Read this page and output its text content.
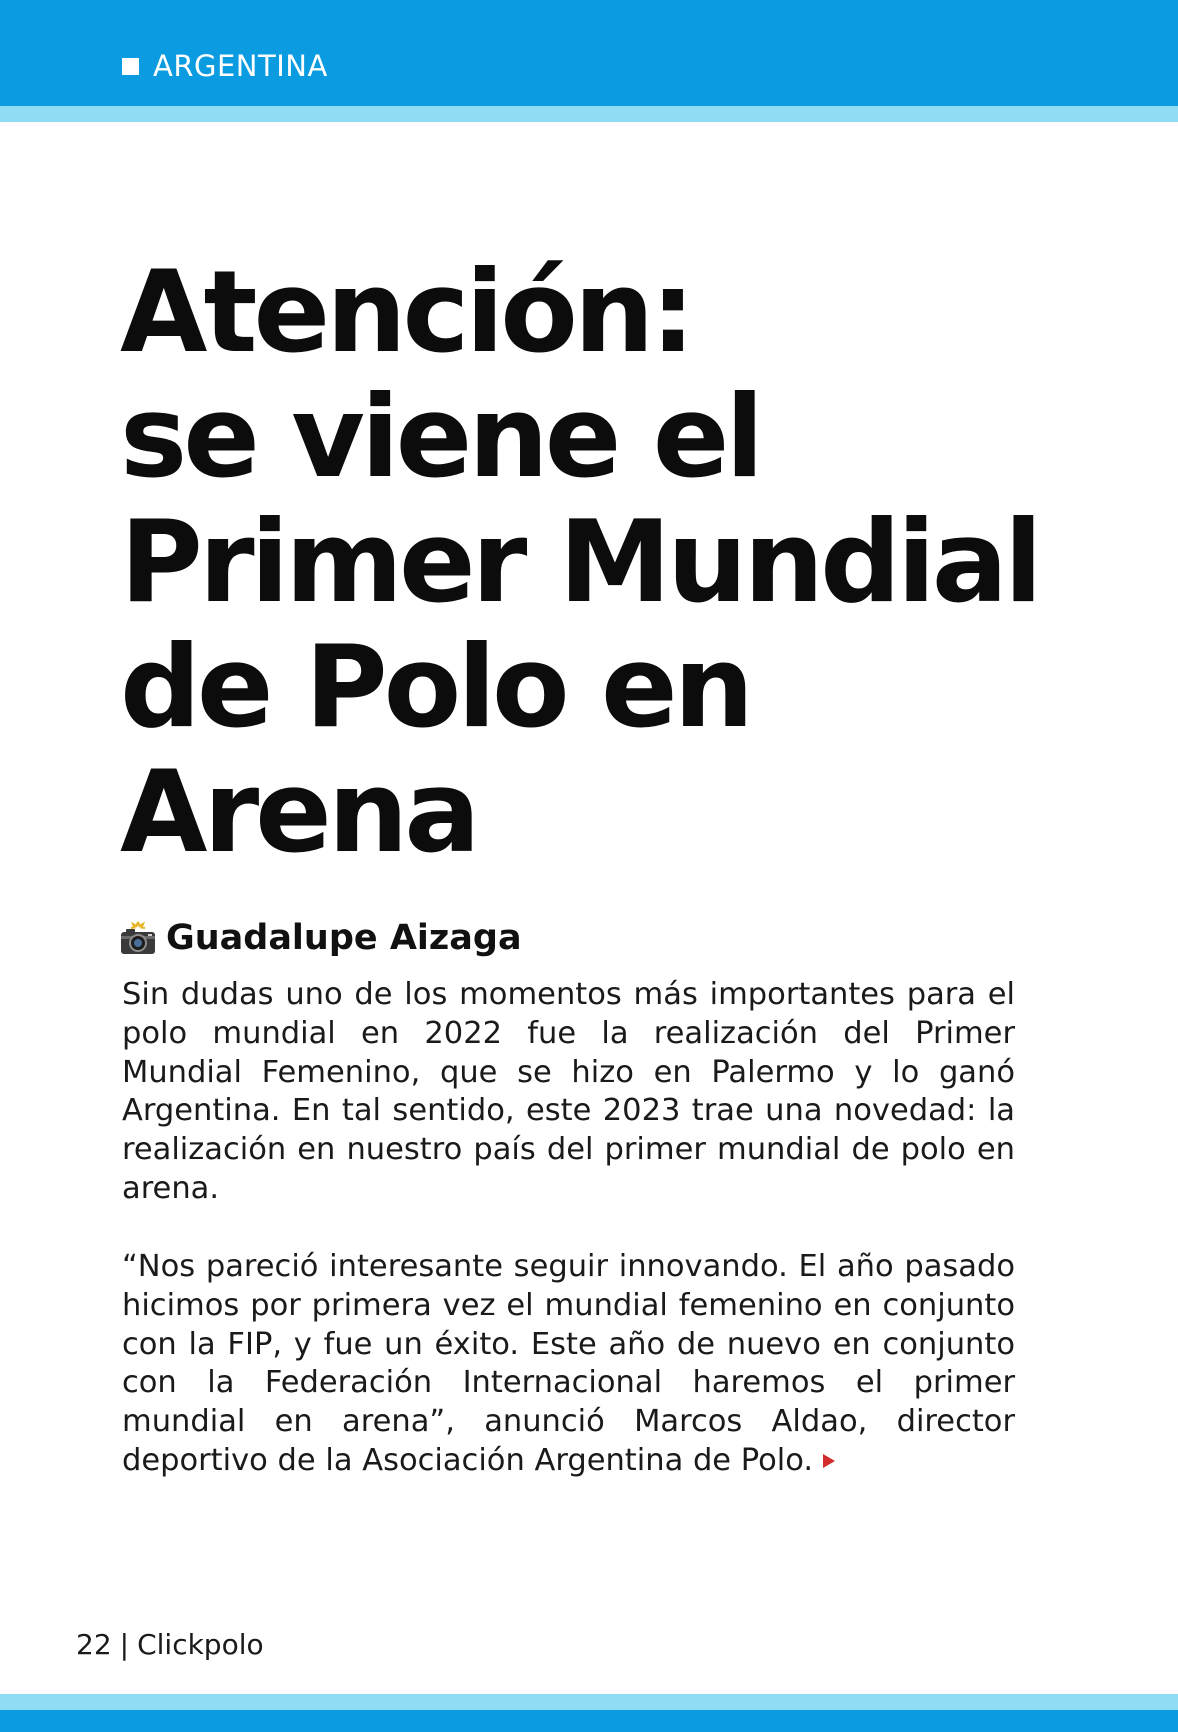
ARGENTINA
Atención:
se viene el
Primer Mundial
de Polo en
Arena
Guadalupe Aizaga

Sin dudas uno de los momentos más importantes para el polo mundial en 2022 fue la realización del Primer Mundial Femenino, que se hizo en Palermo y lo ganó Argentina. En tal sentido, este 2023 trae una novedad: la realización en nuestro país del primer mundial de polo en arena.

“Nos pareció interesante seguir innovando. El año pasado hicimos por primera vez el mundial femenino en conjunto con la FIP, y fue un éxito. Este año de nuevo en conjunto con la Federación Internacional haremos el primer mundial en arena”, anunció Marcos Aldao, director deportivo de la Asociación Argentina de Polo.

22 | Clickpolo
